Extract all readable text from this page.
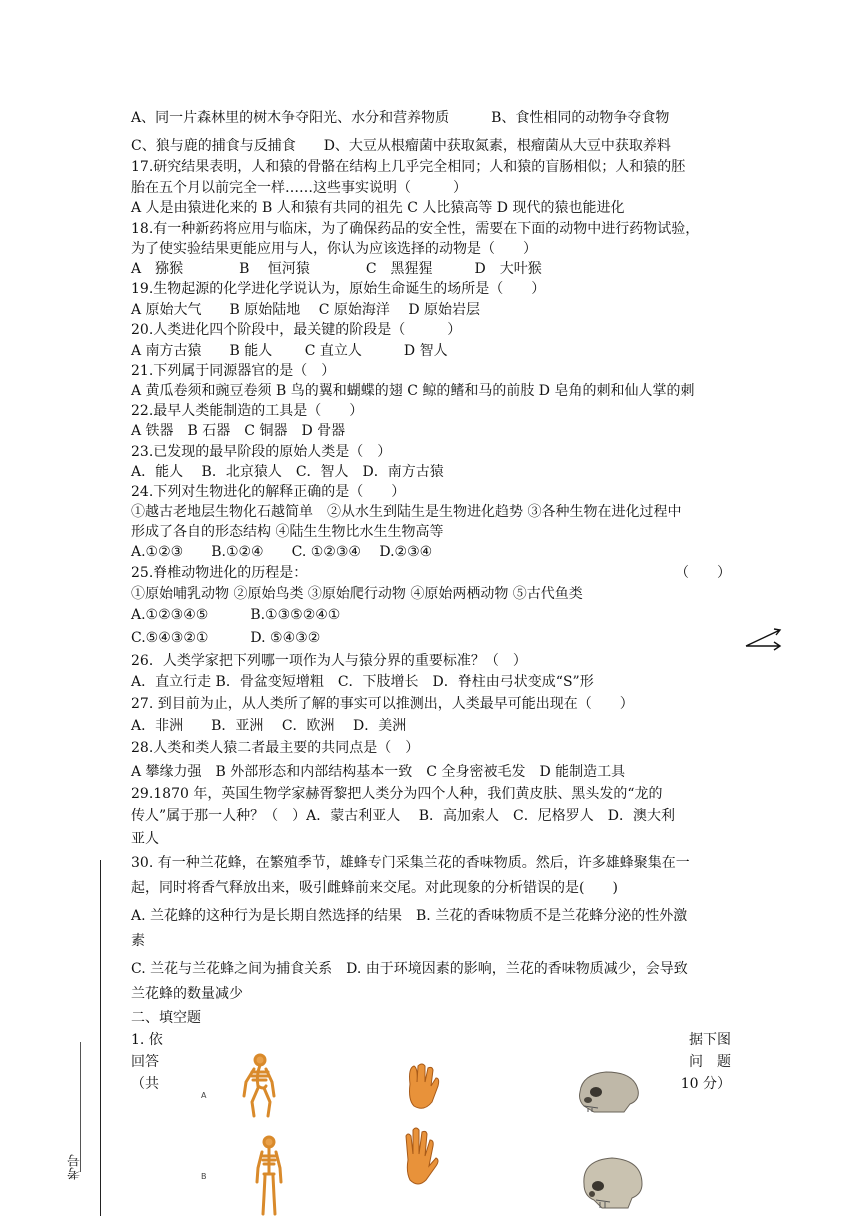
A、同一片森林里的树木争夺阳光、水分和营养物质　　　B、食性相同的动物争夺食物
C、狼与鹿的捕食与反捕食　　D、大豆从根瘤菌中获取氮素，根瘤菌从大豆中获取养料
17.研究结果表明，人和猿的骨骼在结构上几乎完全相同；人和猿的盲肠相似；人和猿的胚
胎在五个月以前完全一样……这些事实说明（　　　）
A 人是由猿进化来的 B 人和猿有共同的祖先 C 人比猿高等 D 现代的猿也能进化
18.有一种新药将应用与临床，为了确保药品的安全性，需要在下面的动物中进行药物试验，
为了使实验结果更能应用与人，你认为应该选择的动物是（　　）
A　猕猴　　　　B　 恒河猿　　　　C　黑猩猩　　　D　大叶猴
19.生物起源的化学进化学说认为，原始生命诞生的场所是（　　）
A 原始大气　　B 原始陆地　 C 原始海洋　 D 原始岩层
20.人类进化四个阶段中，最关键的阶段是（　　　）
A 南方古猿　　B 能人　　 C 直立人　　　D 智人
21.下列属于同源器官的是（　）
A 黄瓜卷须和豌豆卷须 B 鸟的翼和蝴蝶的翅 C 鲸的鳍和马的前肢 D 皂角的刺和仙人掌的刺
22.最早人类能制造的工具是（　　）
A 铁器　B 石器　C 铜器　D 骨器
23.已发现的最早阶段的原始人类是（　）
A．能人　 B．北京猿人　C．智人　D．南方古猿
24.下列对生物进化的解释正确的是（　　）
①越古老地层生物化石越简单　②从水生到陆生是生物进化趋势 ③各种生物在进化过程中
形成了各自的形态结构 ④陆生生物比水生生物高等
A.①②③　　B.①②④　　C. ①②③④　 D.②③④
25.脊椎动物进化的历程是：	（　　）
①原始哺乳动物 ②原始鸟类 ③原始爬行动物 ④原始两栖动物 ⑤古代鱼类
A.①②③④⑤　　　B.①③⑤②④①
C.⑤④③②①　　　D. ⑤④③②
26．人类学家把下列哪一项作为人与猿分界的重要标准？（　）
A．直立行走 B．骨盆变短增粗　C．下肢增长　D．脊柱由弓状变成“S”形
27. 到目前为止，从人类所了解的事实可以推测出，人类最早可能出现在（　　）
A．非洲　　B．亚洲　 C．欧洲　 D．美洲
28.人类和类人猿二者最主要的共同点是（　）
A 攀缘力强　B 外部形态和内部结构基本一致　C 全身密被毛发　D 能制造工具
29.1870 年，英国生物学家赫胥黎把人类分为四个人种，我们黄皮肤、黑头发的“龙的
传人”属于那一人种？（　）A．蒙古利亚人　 B．高加索人　C．尼格罗人　D．澳大利
亚人
30. 有一种兰花蜂，在繁殖季节，雄蜂专门采集兰花的香味物质。然后，许多雄蜂聚集在一
起，同时将香气释放出来，吸引雌蜂前来交尾。对此现象的分析错误的是(　　)
A. 兰花蜂的这种行为是长期自然选择的结果　B. 兰花的香味物质不是兰花蜂分泌的性外激
素
C. 兰花与兰花蜂之间为捕食关系　D. 由于环境因素的影响，兰花的香味物质减少，会导致
兰花蜂的数量减少
二、填空题
1. 依	据下图
回答	问　题
（共	10 分）
A
B
考号
